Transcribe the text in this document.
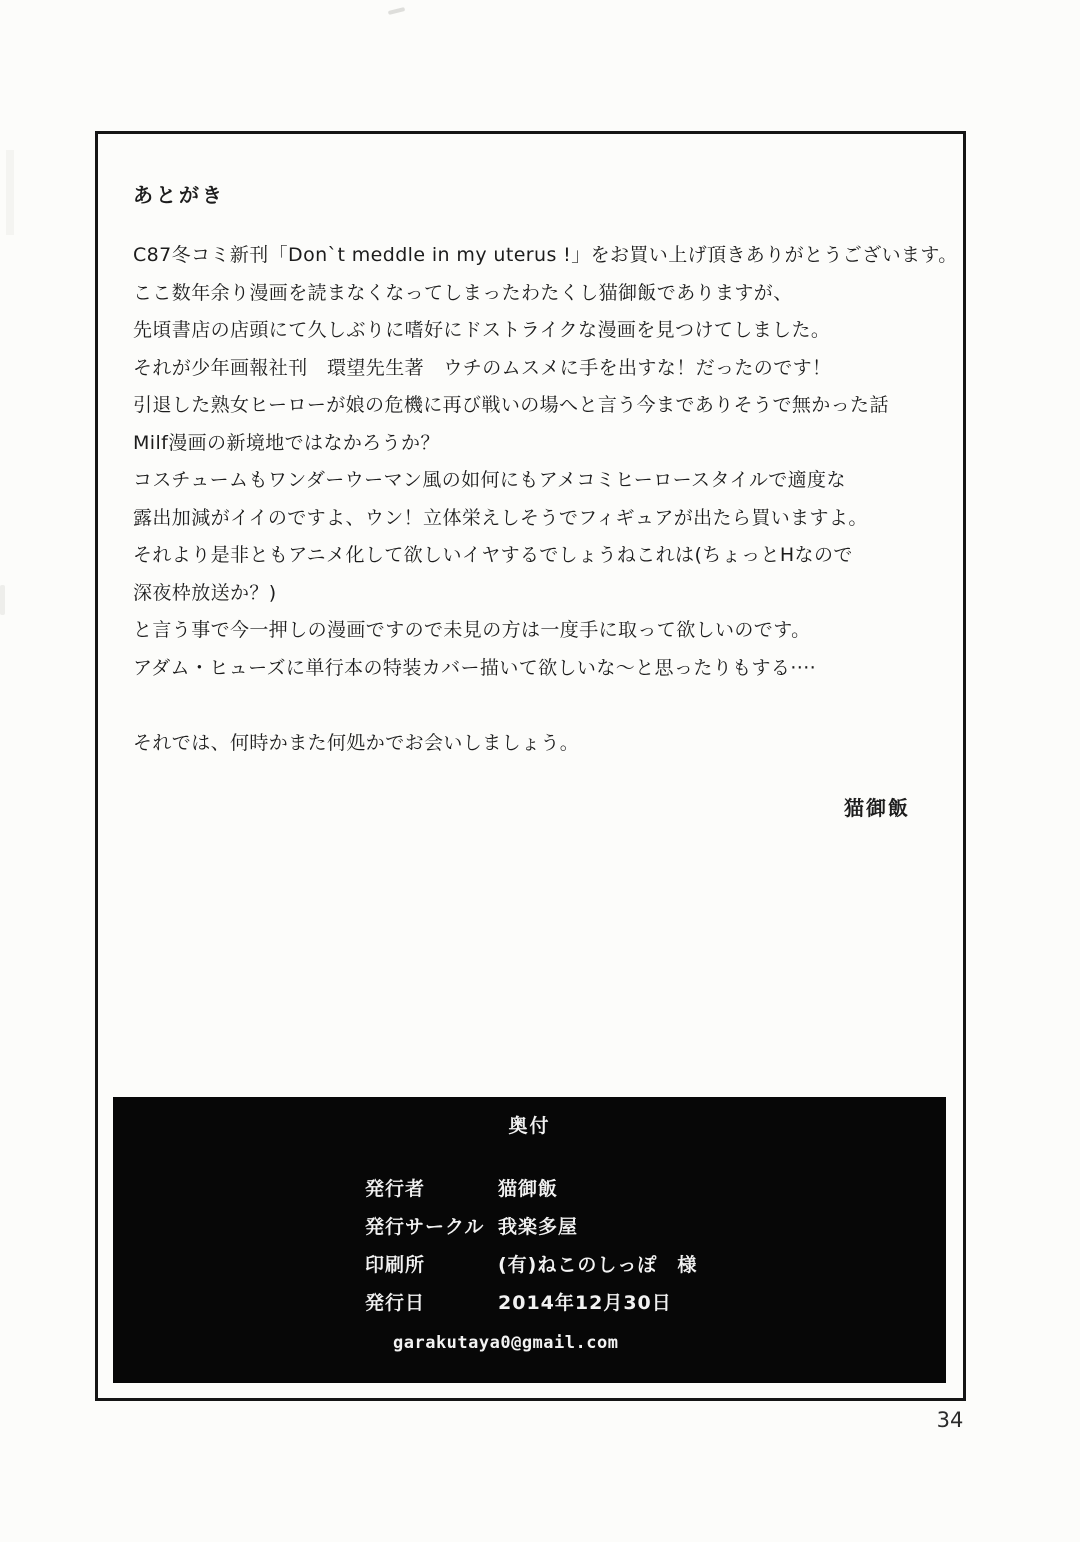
あとがき
C87冬コミ新刊「Don`t meddle in my uterus !」をお買い上げ頂きありがとうございます。
ここ数年余り漫画を読まなくなってしまったわたくし猫御飯でありますが、
先頃書店の店頭にて久しぶりに嗜好にドストライクな漫画を見つけてしました。
それが少年画報社刊　環望先生著　ウチのムスメに手を出すな！だったのです！
引退した熟女ヒーローが娘の危機に再び戦いの場へと言う今までありそうで無かった話
Milf漫画の新境地ではなかろうか？
コスチュームもワンダーウーマン風の如何にもアメコミヒーロースタイルで適度な
露出加減がイイのですよ、ウン！立体栄えしそうでフィギュアが出たら買いますよ。
それより是非ともアニメ化して欲しいイヤするでしょうねこれは(ちょっとHなので
深夜枠放送か？)
と言う事で今一押しの漫画ですので未見の方は一度手に取って欲しいのです。
アダム・ヒューズに単行本の特装カバー描いて欲しいな～と思ったりもする····
それでは、何時かまた何処かでお会いしましょう。
猫御飯
奥付
発行者	猫御飯
発行サークル 我楽多屋
印刷所	(有)ねこのしっぽ　様
発行日	2014年12月30日
garakutaya0@gmail.com
34
